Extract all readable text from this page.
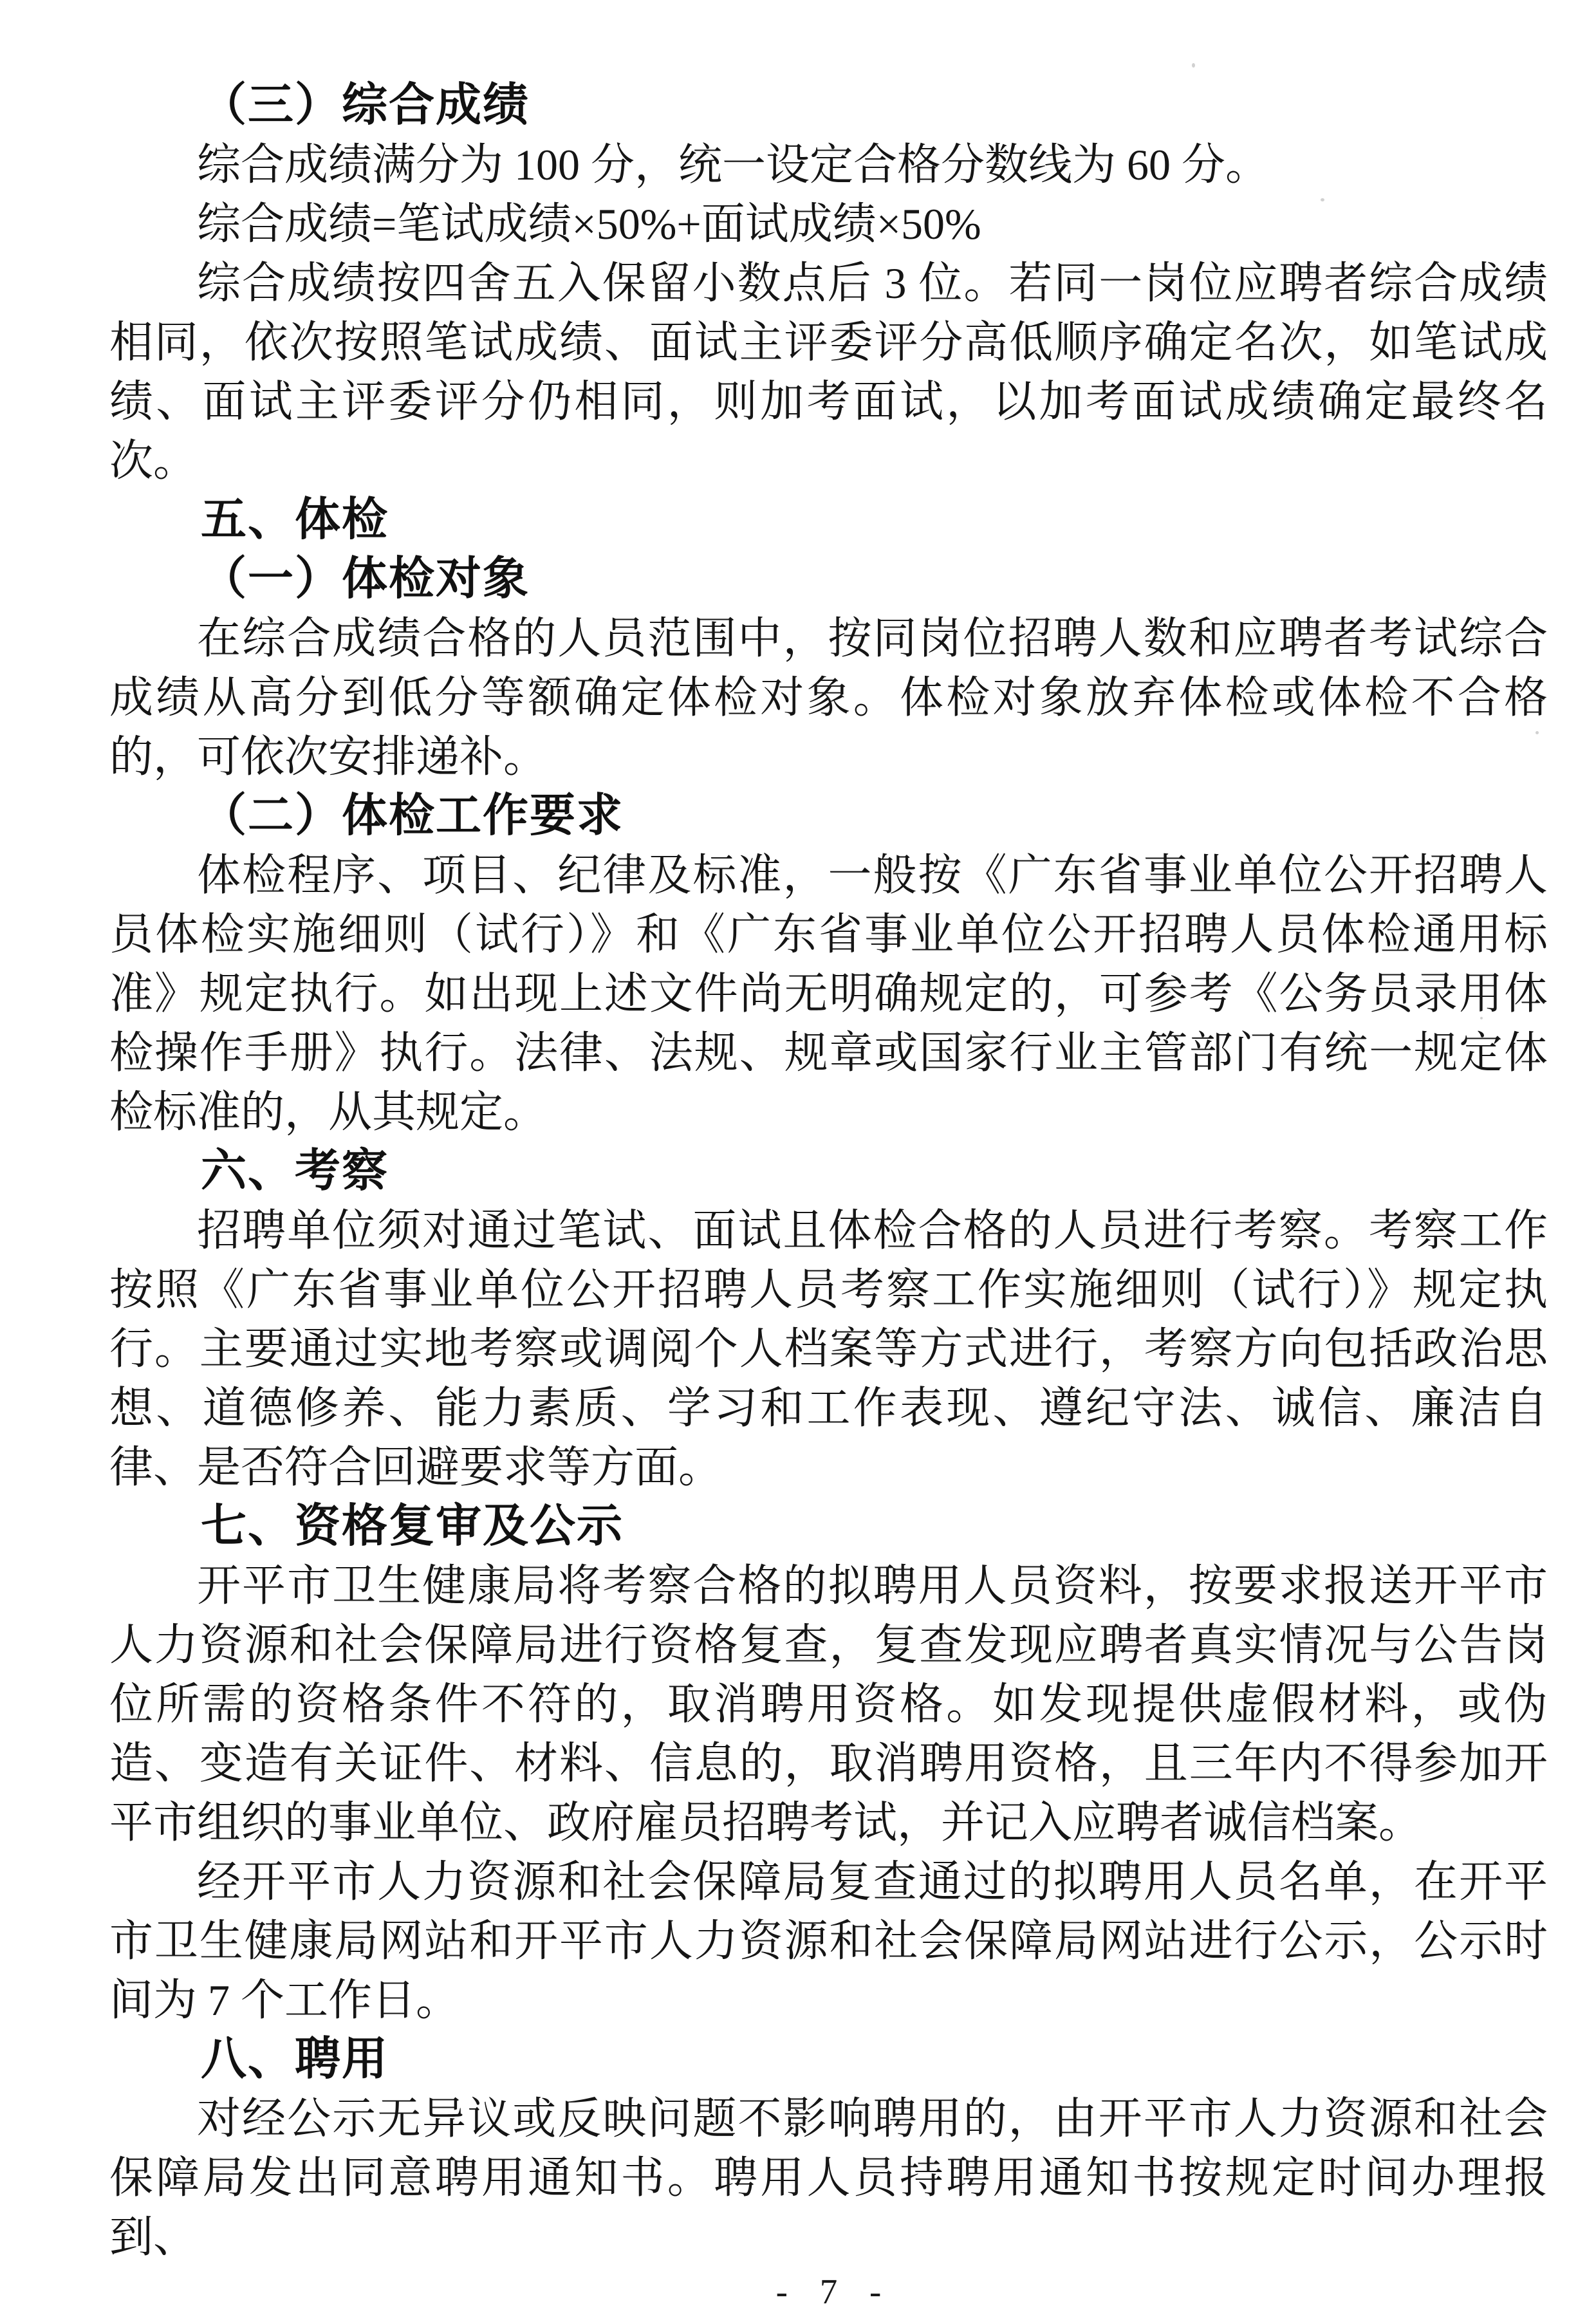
（三）综合成绩

综合成绩满分为 100 分，统一设定合格分数线为 60 分。

综合成绩=笔试成绩×50%+面试成绩×50%

综合成绩按四舍五入保留小数点后 3 位。若同一岗位应聘者综合成绩相同，依次按照笔试成绩、面试主评委评分高低顺序确定名次，如笔试成绩、面试主评委评分仍相同，则加考面试，以加考面试成绩确定最终名次。

五、体检
（一）体检对象

在综合成绩合格的人员范围中，按同岗位招聘人数和应聘者考试综合成绩从高分到低分等额确定体检对象。体检对象放弃体检或体检不合格的，可依次安排递补。

（二）体检工作要求

体检程序、项目、纪律及标准，一般按《广东省事业单位公开招聘人员体检实施细则（试行）》和《广东省事业单位公开招聘人员体检通用标准》规定执行。如出现上述文件尚无明确规定的，可参考《公务员录用体检操作手册》执行。法律、法规、规章或国家行业主管部门有统一规定体检标准的，从其规定。

六、考察

招聘单位须对通过笔试、面试且体检合格的人员进行考察。考察工作按照《广东省事业单位公开招聘人员考察工作实施细则（试行）》规定执行。主要通过实地考察或调阅个人档案等方式进行，考察方向包括政治思想、道德修养、能力素质、学习和工作表现、遵纪守法、诚信、廉洁自律、是否符合回避要求等方面。

七、资格复审及公示

开平市卫生健康局将考察合格的拟聘用人员资料，按要求报送开平市人力资源和社会保障局进行资格复查，复查发现应聘者真实情况与公告岗位所需的资格条件不符的，取消聘用资格。如发现提供虚假材料，或伪造、变造有关证件、材料、信息的，取消聘用资格，且三年内不得参加开平市组织的事业单位、政府雇员招聘考试，并记入应聘者诚信档案。

经开平市人力资源和社会保障局复查通过的拟聘用人员名单，在开平市卫生健康局网站和开平市人力资源和社会保障局网站进行公示，公示时间为 7 个工作日。

八、聘用

对经公示无异议或反映问题不影响聘用的，由开平市人力资源和社会保障局发出同意聘用通知书。聘用人员持聘用通知书按规定时间办理报到、

- 7 -
